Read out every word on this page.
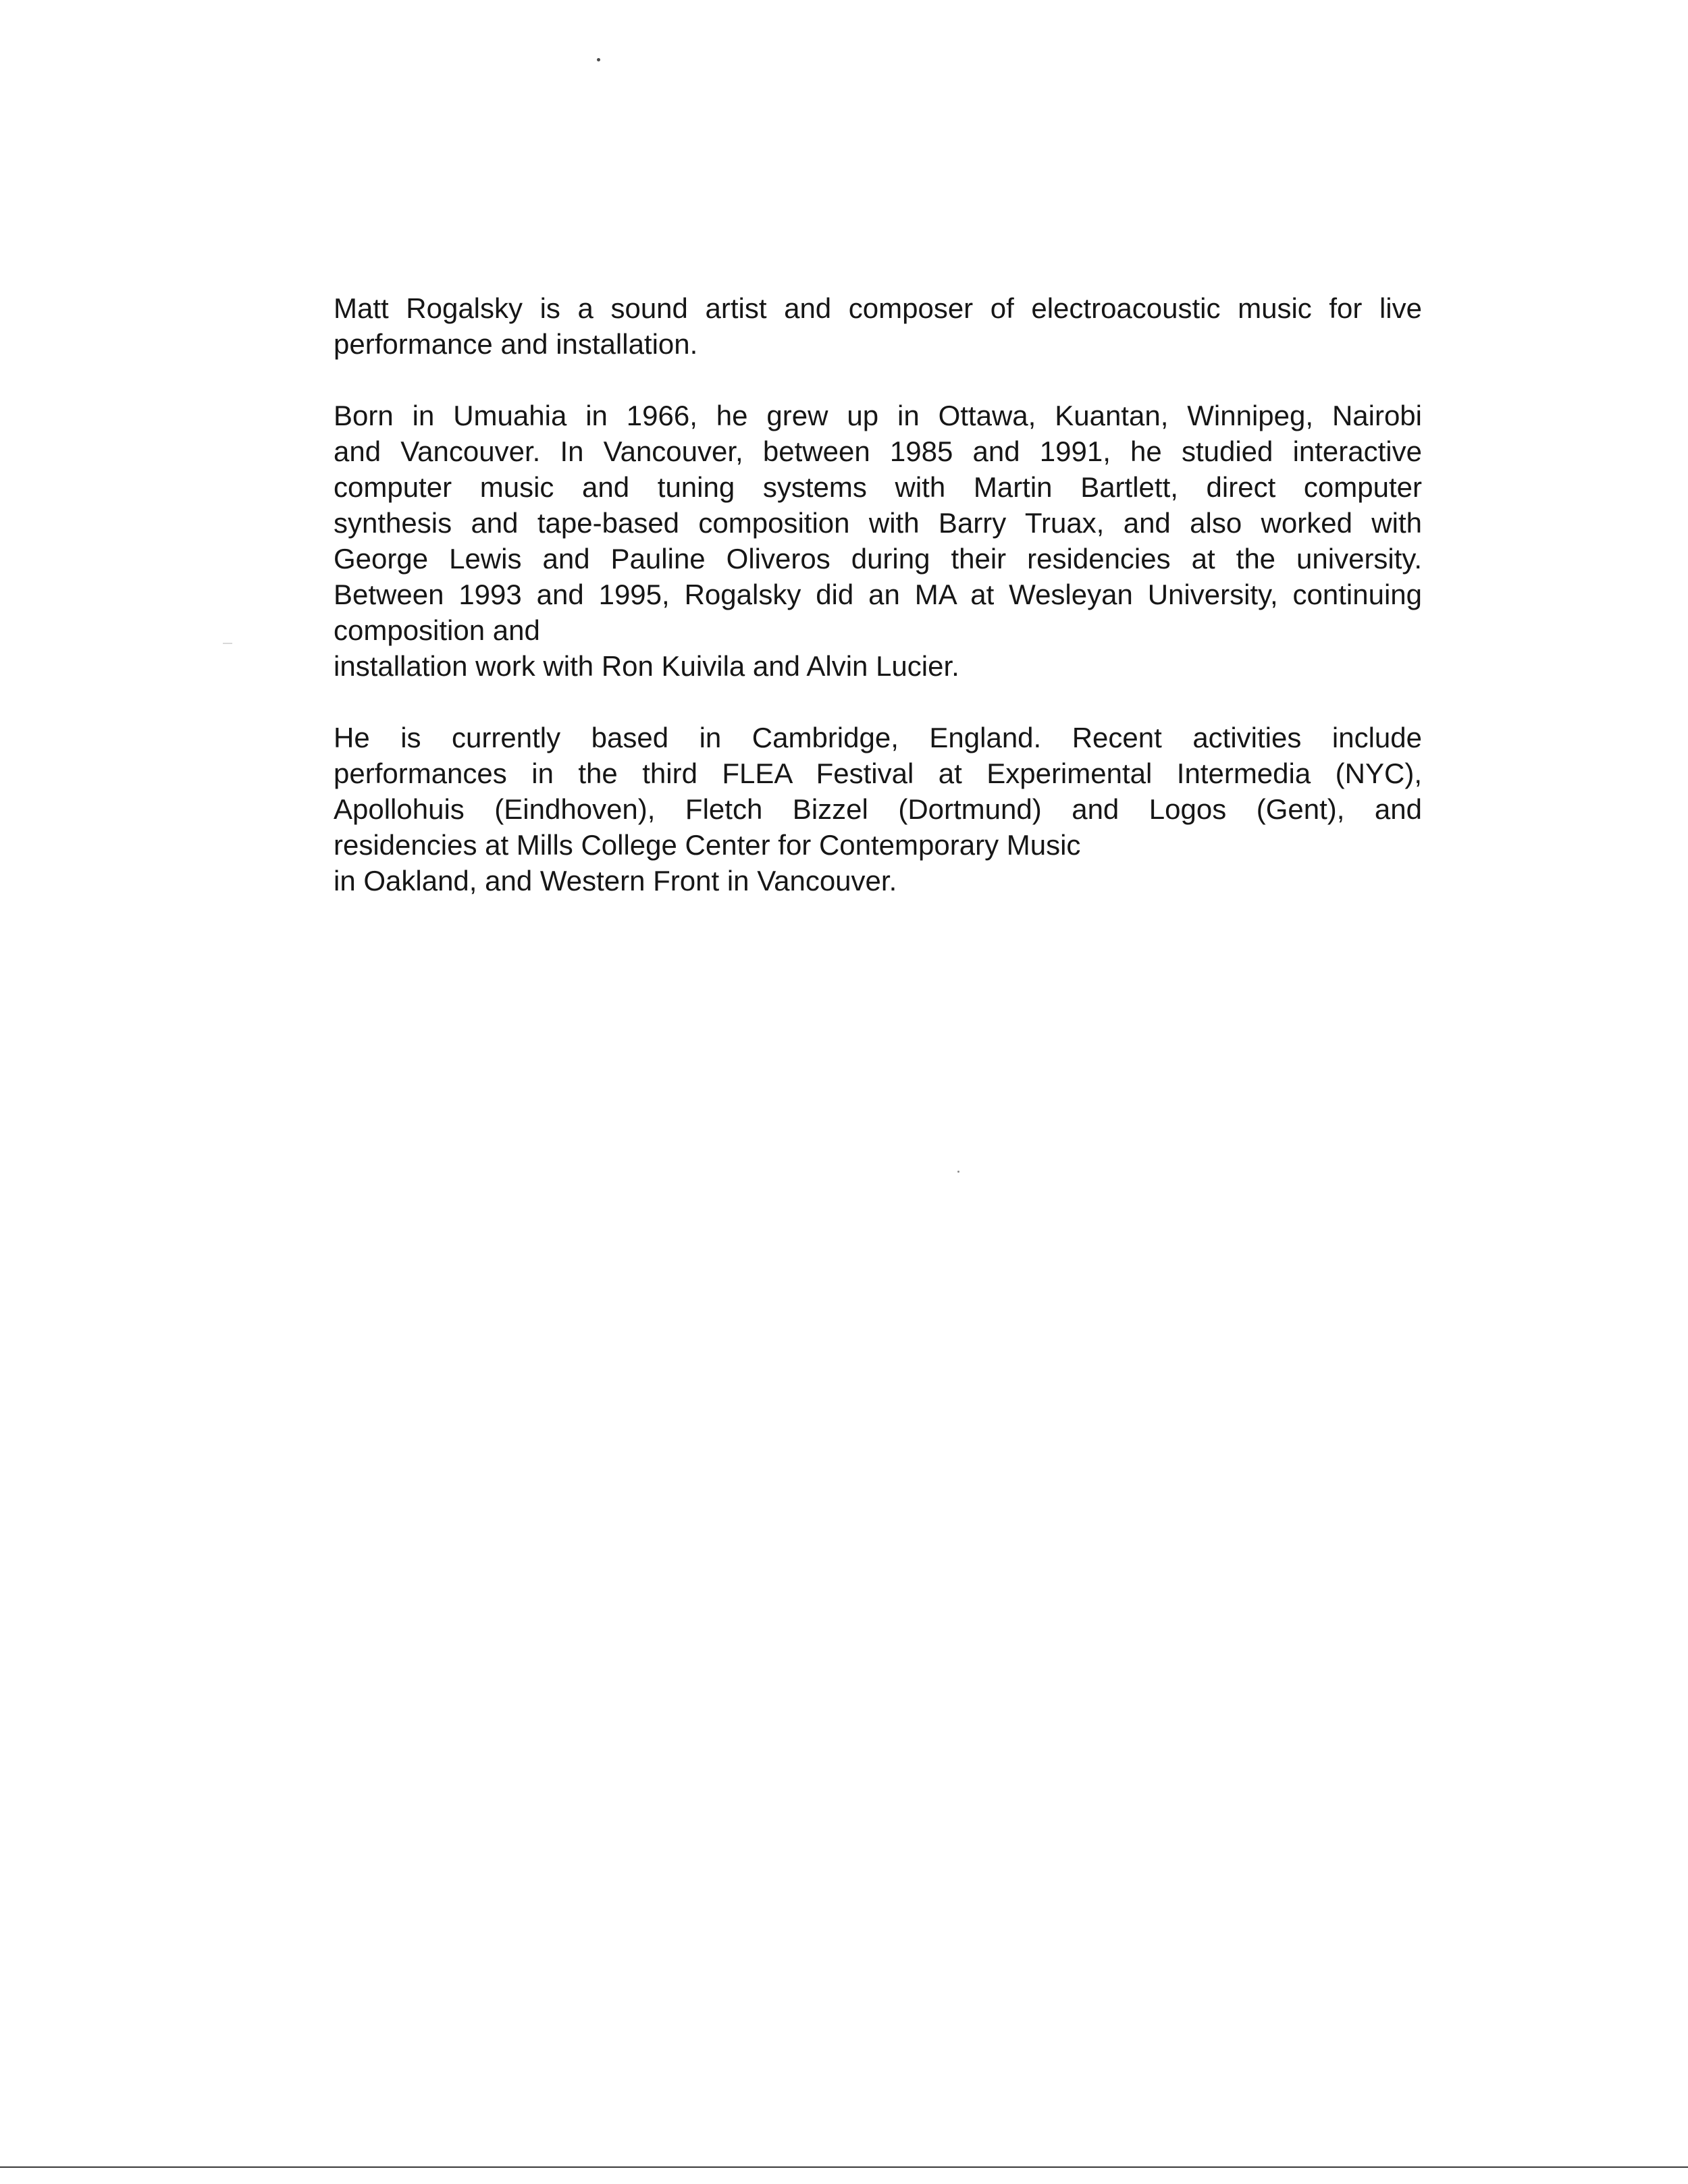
Matt Rogalsky is a sound artist and composer of electroacoustic music for live
performance and installation.
Born in Umuahia in 1966, he grew up in Ottawa, Kuantan, Winnipeg, Nairobi
and Vancouver. In Vancouver, between 1985 and 1991, he studied interactive
computer music and tuning systems with Martin Bartlett, direct computer
synthesis and tape-based composition with Barry Truax, and also worked with
George Lewis and Pauline Oliveros during their residencies at the university.
Between 1993 and 1995, Rogalsky did an MA at Wesleyan University, continuing
composition and
installation work with Ron Kuivila and Alvin Lucier.
He is currently based in Cambridge, England. Recent activities include
performances in the third FLEA Festival at Experimental Intermedia (NYC),
Apollohuis (Eindhoven), Fletch Bizzel (Dortmund) and Logos (Gent), and
residencies at Mills College Center for Contemporary Music
in Oakland, and Western Front in Vancouver.
